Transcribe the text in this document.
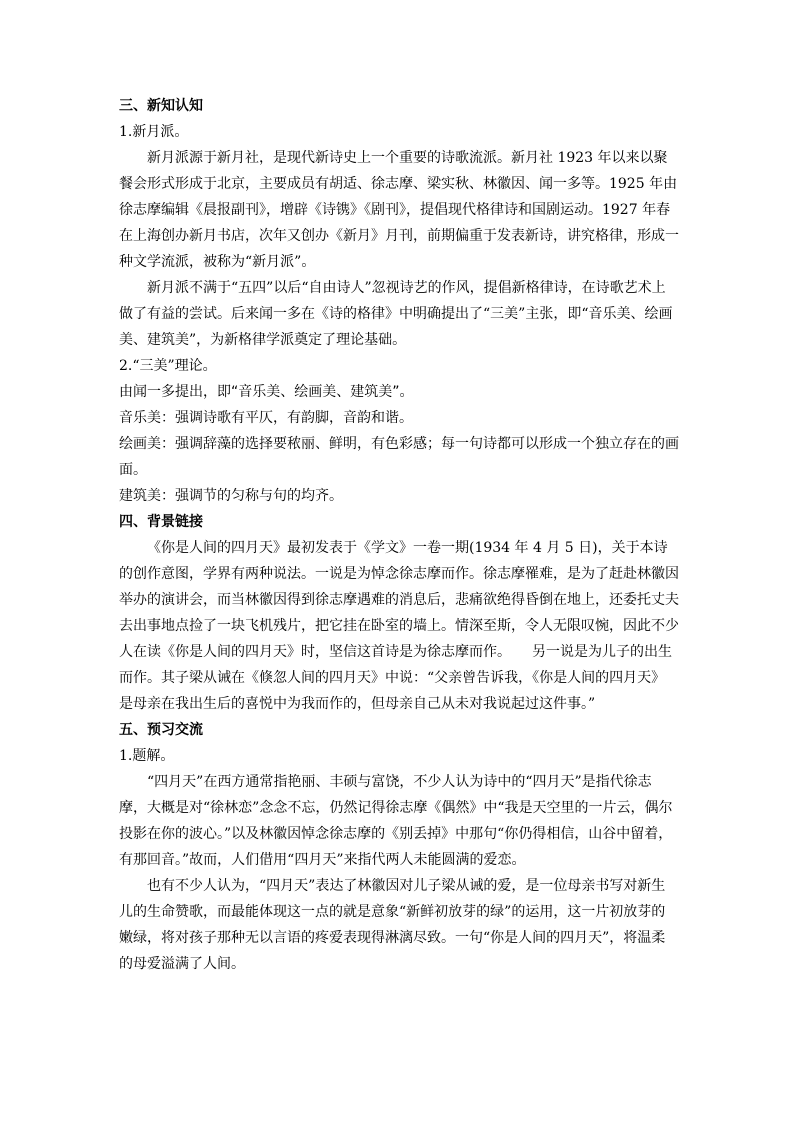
三、新知认知

1.新月派。

新月派源于新月社，是现代新诗史上一个重要的诗歌流派。新月社 1923 年以来以聚餐会形式形成于北京，主要成员有胡适、徐志摩、梁实秋、林徽因、闻一多等。1925 年由徐志摩编辑《晨报副刊》，增辟《诗镌》《剧刊》，提倡现代格律诗和国剧运动。1927 年春在上海创办新月书店，次年又创办《新月》月刊，前期偏重于发表新诗，讲究格律，形成一种文学流派，被称为“新月派”。

新月派不满于“五四”以后“自由诗人”忽视诗艺的作风，提倡新格律诗，在诗歌艺术上做了有益的尝试。后来闻一多在《诗的格律》中明确提出了“三美”主张，即“音乐美、绘画美、建筑美”，为新格律学派奠定了理论基础。

2.“三美”理论。

由闻一多提出，即“音乐美、绘画美、建筑美”。

音乐美：强调诗歌有平仄，有韵脚，音韵和谐。

绘画美：强调辞藻的选择要秾丽、鲜明，有色彩感；每一句诗都可以形成一个独立存在的画面。

建筑美：强调节的匀称与句的均齐。

四、背景链接

《你是人间的四月天》最初发表于《学文》一卷一期(1934 年 4 月 5 日)，关于本诗的创作意图，学界有两种说法。一说是为悼念徐志摩而作。徐志摩罹难，是为了赶赴林徽因举办的演讲会，而当林徽因得到徐志摩遇难的消息后，悲痛欲绝得昏倒在地上，还委托丈夫去出事地点捡了一块飞机残片，把它挂在卧室的墙上。情深至斯，令人无限叹惋，因此不少人在读《你是人间的四月天》时，坚信这首诗是为徐志摩而作。　　另一说是为儿子的出生而作。其子梁从诫在《倏忽人间的四月天》中说：“父亲曾告诉我，《你是人间的四月天》是母亲在我出生后的喜悦中为我而作的，但母亲自己从未对我说起过这件事。”

五、预习交流

1.题解。

“四月天”在西方通常指艳丽、丰硕与富饶，不少人认为诗中的“四月天”是指代徐志摩，大概是对“徐林恋”念念不忘，仍然记得徐志摩《偶然》中“我是天空里的一片云，偶尔投影在你的波心。”以及林徽因悼念徐志摩的《别丢掉》中那句“你仍得相信，山谷中留着，有那回音。”故而，人们借用“四月天”来指代两人未能圆满的爱恋。

也有不少人认为，“四月天”表达了林徽因对儿子梁从诫的爱，是一位母亲书写对新生儿的生命赞歌，而最能体现这一点的就是意象“新鲜初放芽的绿”的运用，这一片初放芽的嫩绿，将对孩子那种无以言语的疼爱表现得淋漓尽致。一句“你是人间的四月天”，将温柔的母爱溢满了人间。
